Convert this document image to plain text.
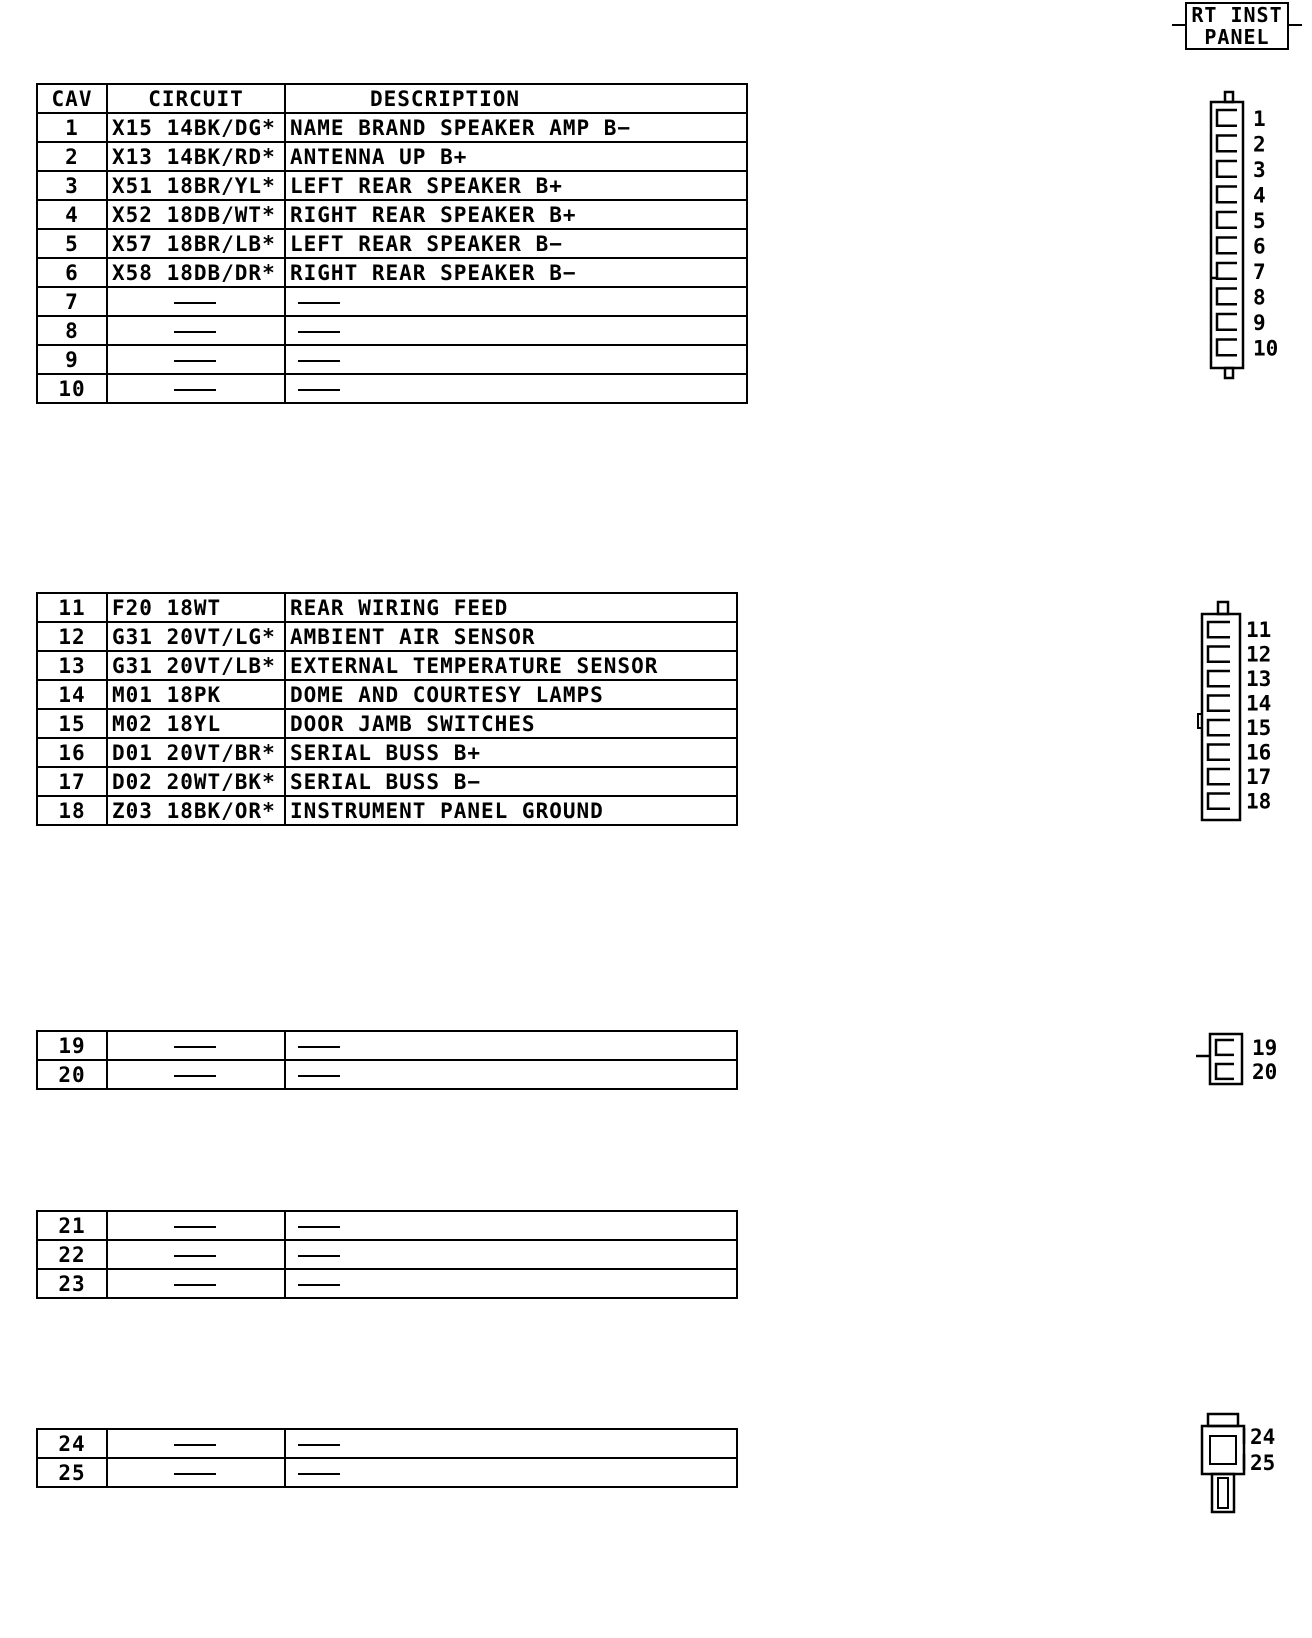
RT INST
PANEL
CAV	CIRCUIT	DESCRIPTION
1	X15 14BK/DG*	NAME BRAND SPEAKER AMP B−
2	X13 14BK/RD*	ANTENNA UP B+
3	X51 18BR/YL*	LEFT REAR SPEAKER B+
4	X52 18DB/WT*	RIGHT REAR SPEAKER B+
5	X57 18BR/LB*	LEFT REAR SPEAKER B−
6	X58 18DB/DR*	RIGHT REAR SPEAKER B−
7		
8		
9		
10		
11	F20 18WT	REAR WIRING FEED
12	G31 20VT/LG*	AMBIENT AIR SENSOR
13	G31 20VT/LB*	EXTERNAL TEMPERATURE SENSOR
14	M01 18PK	DOME AND COURTESY LAMPS
15	M02 18YL	DOOR JAMB SWITCHES
16	D01 20VT/BR*	SERIAL BUSS B+
17	D02 20WT/BK*	SERIAL BUSS B−
18	Z03 18BK/OR*	INSTRUMENT PANEL GROUND
19		
20		
21		
22		
23		
24		
25		
1
2
3
4
5
6
7
8
9
10
11
12
13
14
15
16
17
18
19
20
24
25
